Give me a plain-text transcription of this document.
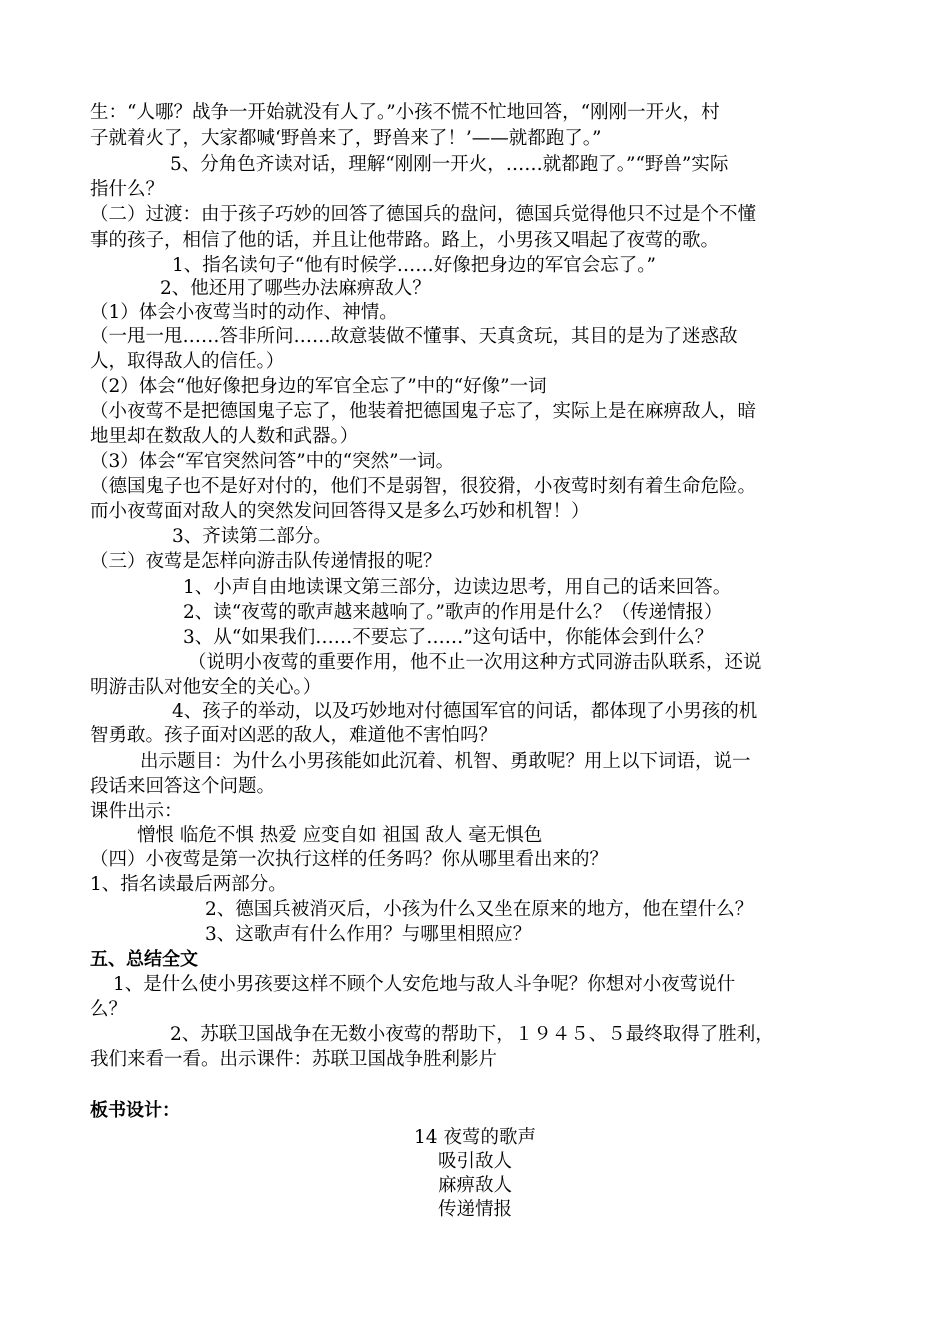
生：“人哪？战争一开始就没有人了。”小孩不慌不忙地回答，“刚刚一开火，村
子就着火了，大家都喊‘野兽来了，野兽来了！’——就都跑了。”
5、分角色齐读对话，理解“刚刚一开火，……就都跑了。”“野兽”实际
指什么？
（二）过渡：由于孩子巧妙的回答了德国兵的盘问，德国兵觉得他只不过是个不懂
事的孩子，相信了他的话，并且让他带路。路上，小男孩又唱起了夜莺的歌。
1、指名读句子“他有时候学……好像把身边的军官会忘了。”
2、他还用了哪些办法麻痹敌人？
（1）体会小夜莺当时的动作、神情。
（一甩一甩……答非所问……故意装做不懂事、天真贪玩，其目的是为了迷惑敌
人，取得敌人的信任。）
（2）体会“他好像把身边的军官全忘了”中的“好像”一词
（小夜莺不是把德国鬼子忘了，他装着把德国鬼子忘了，实际上是在麻痹敌人，暗
地里却在数敌人的人数和武器。）
（3）体会“军官突然问答”中的“突然”一词。
（德国鬼子也不是好对付的，他们不是弱智，很狡猾，小夜莺时刻有着生命危险。
而小夜莺面对敌人的突然发问回答得又是多么巧妙和机智！）
3、齐读第二部分。
（三）夜莺是怎样向游击队传递情报的呢？
1、小声自由地读课文第三部分，边读边思考，用自己的话来回答。
2、读“夜莺的歌声越来越响了。”歌声的作用是什么？（传递情报）
3、从“如果我们……不要忘了……”这句话中，你能体会到什么？
（说明小夜莺的重要作用，他不止一次用这种方式同游击队联系，还说
明游击队对他安全的关心。）
4、孩子的举动，以及巧妙地对付德国军官的问话，都体现了小男孩的机
智勇敢。孩子面对凶恶的敌人，难道他不害怕吗？
出示题目：为什么小男孩能如此沉着、机智、勇敢呢？用上以下词语，说一
段话来回答这个问题。
课件出示：
憎恨 临危不惧 热爱 应变自如 祖国 敌人 毫无惧色
（四）小夜莺是第一次执行这样的任务吗？你从哪里看出来的？
1、指名读最后两部分。
2、德国兵被消灭后，小孩为什么又坐在原来的地方，他在望什么？
3、这歌声有什么作用？与哪里相照应？
五、总结全文
1、是什么使小男孩要这样不顾个人安危地与敌人斗争呢？你想对小夜莺说什
么？
2、苏联卫国战争在无数小夜莺的帮助下，１９４５、５最终取得了胜利，
我们来看一看。出示课件：苏联卫国战争胜利影片
板书设计：
14 夜莺的歌声
吸引敌人
麻痹敌人
传递情报
